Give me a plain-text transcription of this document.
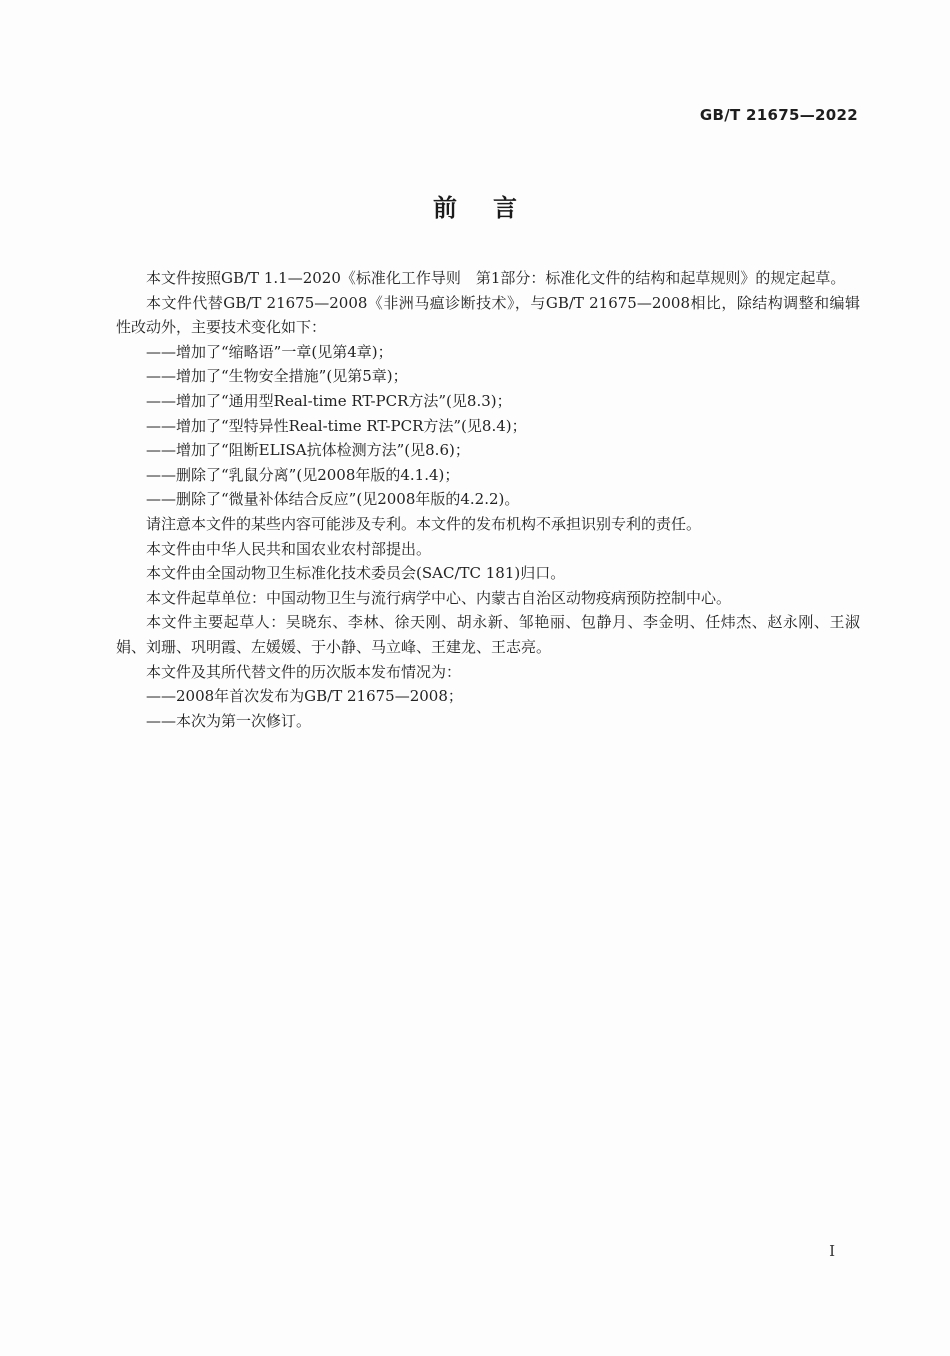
GB/T 21675—2022
前 言

本文件按照GB/T 1.1—2020《标准化工作导则　第1部分：标准化文件的结构和起草规则》的规定起草。

本文件代替GB/T 21675—2008《非洲马瘟诊断技术》，与GB/T 21675—2008相比，除结构调整和编辑性改动外，主要技术变化如下：

——增加了“缩略语”一章(见第4章)；

——增加了“生物安全措施”(见第5章)；

——增加了“通用型Real-time RT-PCR方法”(见8.3)；

——增加了“型特异性Real-time RT-PCR方法”(见8.4)；

——增加了“阻断ELISA抗体检测方法”(见8.6)；

——删除了“乳鼠分离”(见2008年版的4.1.4)；

——删除了“微量补体结合反应”(见2008年版的4.2.2)。

请注意本文件的某些内容可能涉及专利。本文件的发布机构不承担识别专利的责任。

本文件由中华人民共和国农业农村部提出。

本文件由全国动物卫生标准化技术委员会(SAC/TC 181)归口。

本文件起草单位：中国动物卫生与流行病学中心、内蒙古自治区动物疫病预防控制中心。

本文件主要起草人：吴晓东、李林、徐天刚、胡永新、邹艳丽、包静月、李金明、任炜杰、赵永刚、王淑娟、刘珊、巩明霞、左媛媛、于小静、马立峰、王建龙、王志亮。

本文件及其所代替文件的历次版本发布情况为：

——2008年首次发布为GB/T 21675—2008；

——本次为第一次修订。

I
